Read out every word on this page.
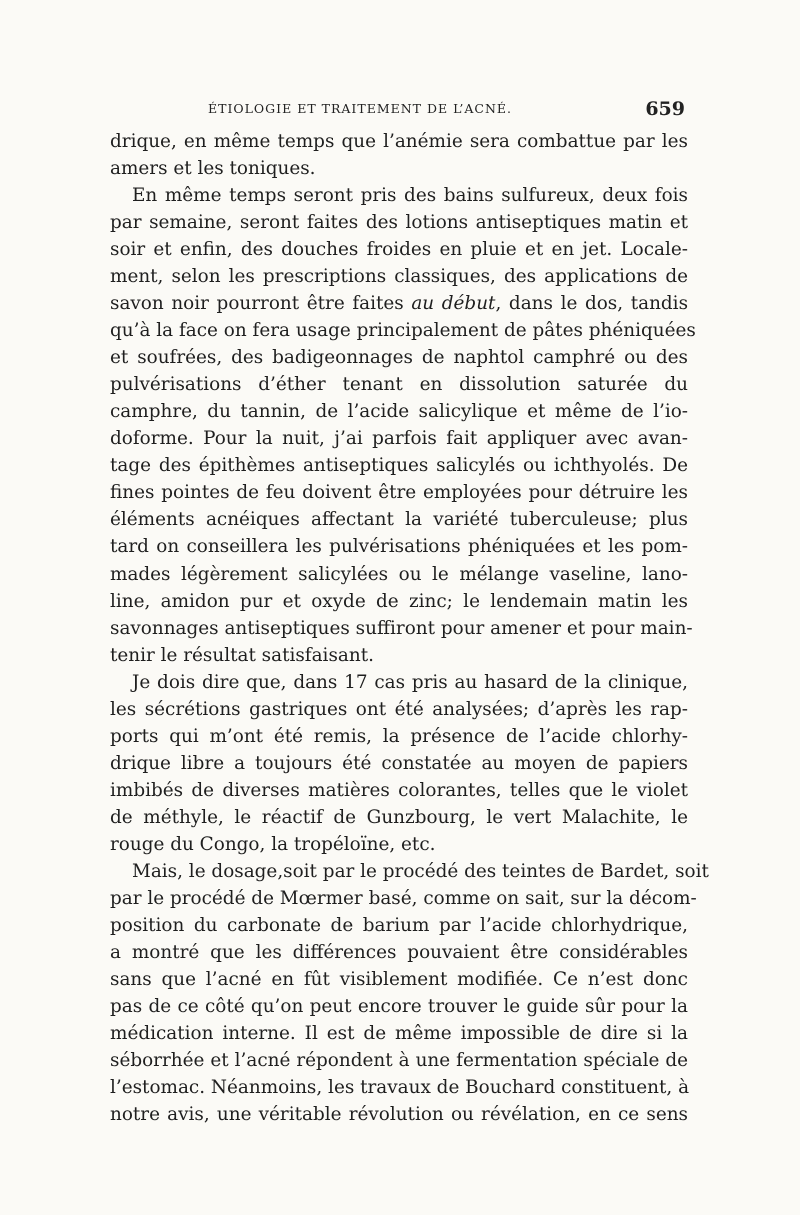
ÉTIOLOGIE ET TRAITEMENT DE L’ACNÉ.	659
drique, en même temps que l’anémie sera combattue par les
amers et les toniques.
En même temps seront pris des bains sulfureux, deux fois
par semaine, seront faites des lotions antiseptiques matin et
soir et enfin, des douches froides en pluie et en jet. Locale-
ment, selon les prescriptions classiques, des applications de
savon noir pourront être faites au début, dans le dos, tandis
qu’à la face on fera usage principalement de pâtes phéniquées
et soufrées, des badigeonnages de naphtol camphré ou des
pulvérisations d’éther tenant en dissolution saturée du
camphre, du tannin, de l’acide salicylique et même de l’io-
doforme. Pour la nuit, j’ai parfois fait appliquer avec avan-
tage des épithèmes antiseptiques salicylés ou ichthyolés. De
fines pointes de feu doivent être employées pour détruire les
éléments acnéiques affectant la variété tuberculeuse; plus
tard on conseillera les pulvérisations phéniquées et les pom-
mades légèrement salicylées ou le mélange vaseline, lano-
line, amidon pur et oxyde de zinc; le lendemain matin les
savonnages antiseptiques suffiront pour amener et pour main-
tenir le résultat satisfaisant.
Je dois dire que, dans 17 cas pris au hasard de la clinique,
les sécrétions gastriques ont été analysées; d’après les rap-
ports qui m’ont été remis, la présence de l’acide chlorhy-
drique libre a toujours été constatée au moyen de papiers
imbibés de diverses matières colorantes, telles que le violet
de méthyle, le réactif de Gunzbourg, le vert Malachite, le
rouge du Congo, la tropéloïne, etc.
Mais, le dosage,soit par le procédé des teintes de Bardet, soit
par le procédé de Mœrmer basé, comme on sait, sur la décom-
position du carbonate de barium par l’acide chlorhydrique,
a montré que les différences pouvaient être considérables
sans que l’acné en fût visiblement modifiée. Ce n’est donc
pas de ce côté qu’on peut encore trouver le guide sûr pour la
médication interne. Il est de même impossible de dire si la
séborrhée et l’acné répondent à une fermentation spéciale de
l’estomac. Néanmoins, les travaux de Bouchard constituent, à
notre avis, une véritable révolution ou révélation, en ce sens
